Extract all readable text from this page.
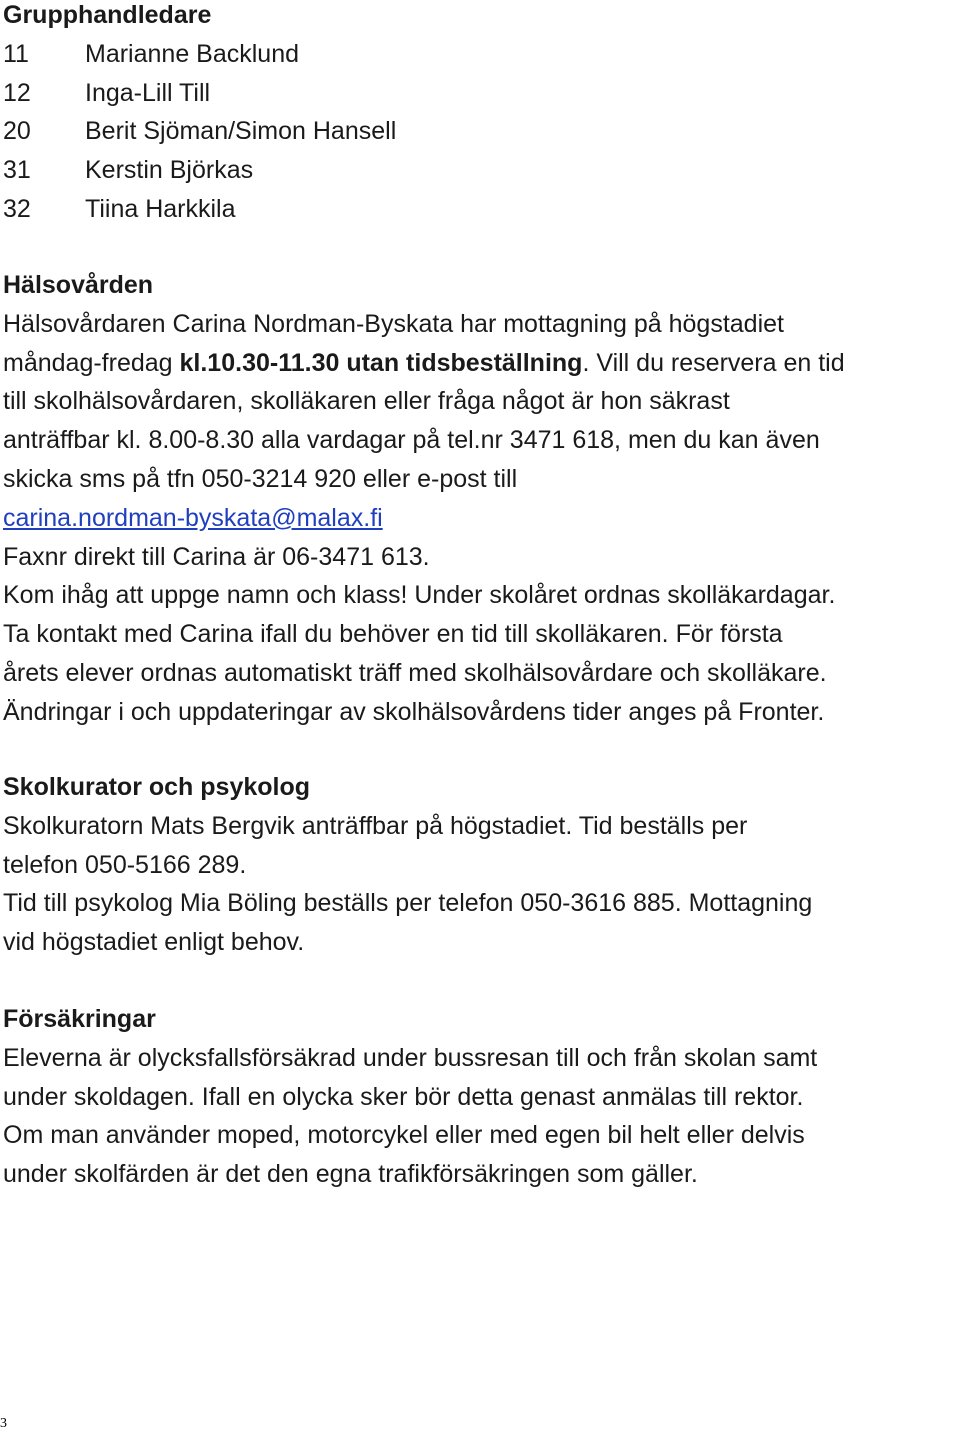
Grupphandledare
11 Marianne Backlund
12 Inga-Lill Till
20 Berit Sjöman/Simon Hansell
31 Kerstin Björkas
32 Tiina Harkkila
Hälsovården
Hälsovårdaren Carina Nordman-Byskata har mottagning på högstadiet
måndag-fredag kl.10.30-11.30 utan tidsbeställning. Vill du reservera en tid
till skolhälsovårdaren, skolläkaren eller fråga något är hon säkrast
anträffbar kl. 8.00-8.30 alla vardagar på tel.nr 3471 618, men du kan även
skicka sms på tfn 050-3214 920 eller e-post till
carina.nordman-byskata@malax.fi
Faxnr direkt till Carina är 06-3471 613.
Kom ihåg att uppge namn och klass! Under skolåret ordnas skolläkardagar.
Ta kontakt med Carina ifall du behöver en tid till skolläkaren. För första
årets elever ordnas automatiskt träff med skolhälsovårdare och skolläkare.
Ändringar i och uppdateringar av skolhälsovårdens tider anges på Fronter.
Skolkurator och psykolog
Skolkuratorn Mats Bergvik anträffbar på högstadiet. Tid beställs per
telefon 050-5166 289.
Tid till psykolog Mia Böling beställs per telefon 050-3616 885. Mottagning
vid högstadiet enligt behov.
Försäkringar
Eleverna är olycksfallsförsäkrad under bussresan till och från skolan samt
under skoldagen. Ifall en olycka sker bör detta genast anmälas till rektor.
Om man använder moped, motorcykel eller med egen bil helt eller delvis
under skolfärden är det den egna trafikförsäkringen som gäller.
3
